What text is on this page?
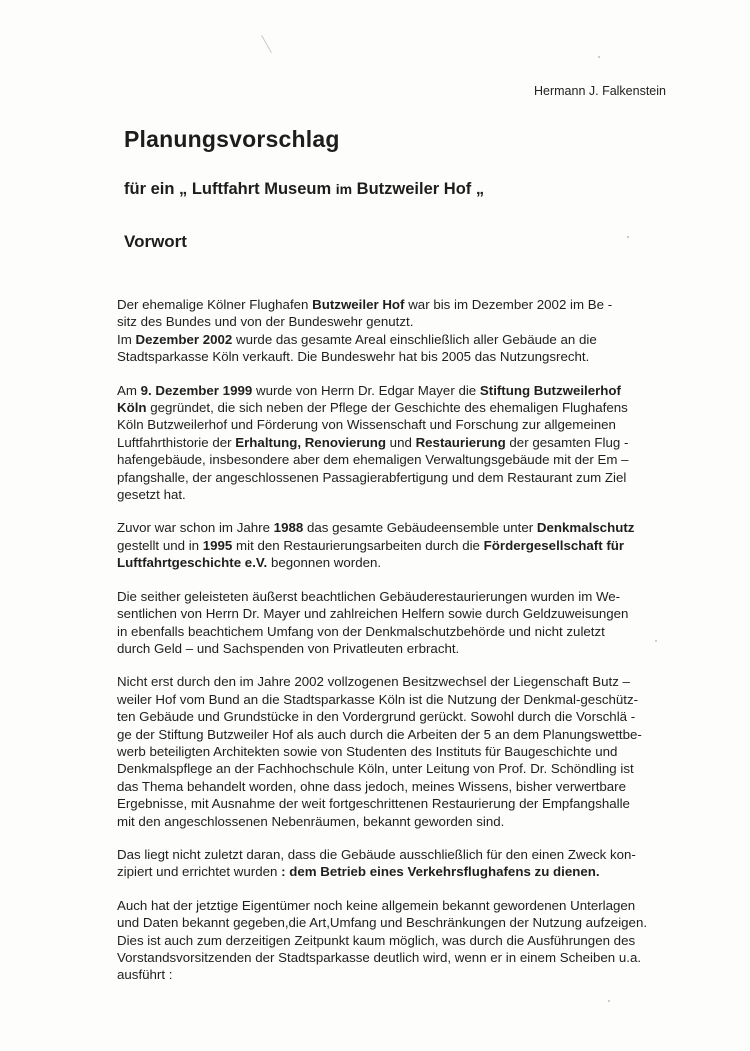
Hermann J. Falkenstein
Planungsvorschlag
für ein „ Luftfahrt Museum im Butzweiler Hof „
Vorwort

Der ehemalige Kölner Flughafen Butzweiler Hof war bis im Dezember 2002 im Be -
sitz des Bundes und von der Bundeswehr genutzt.
Im Dezember 2002 wurde das gesamte Areal einschließlich aller Gebäude an die
Stadtsparkasse Köln verkauft. Die Bundeswehr hat bis 2005 das Nutzungsrecht.

Am 9. Dezember 1999 wurde von Herrn Dr. Edgar Mayer die Stiftung Butzweilerhof
Köln gegründet, die sich neben der Pflege der Geschichte des ehemaligen Flughafens
Köln Butzweilerhof und Förderung von Wissenschaft und Forschung zur allgemeinen
Luftfahrthistorie der Erhaltung, Renovierung und Restaurierung der gesamten Flug -
hafengebäude, insbesondere aber dem ehemaligen Verwaltungsgebäude mit der Em –
pfangshalle, der angeschlossenen Passagierabfertigung und dem Restaurant zum Ziel
gesetzt hat.

Zuvor war schon im Jahre 1988 das gesamte Gebäudeensemble unter Denkmalschutz
gestellt und in 1995 mit den Restaurierungsarbeiten durch die Fördergesellschaft für
Luftfahrtgeschichte e.V. begonnen worden.

Die seither geleisteten äußerst beachtlichen Gebäuderestaurierungen wurden im We-
sentlichen von Herrn Dr. Mayer und zahlreichen Helfern sowie durch Geldzuweisungen
in ebenfalls beachtichem Umfang von der Denkmalschutzbehörde und nicht zuletzt
durch Geld – und Sachspenden von Privatleuten erbracht.

Nicht erst durch den im Jahre 2002 vollzogenen Besitzwechsel der Liegenschaft Butz –
weiler Hof vom Bund an die Stadtsparkasse Köln ist die Nutzung der Denkmal-geschütz-
ten Gebäude und Grundstücke in den Vordergrund gerückt. Sowohl durch die Vorschlä -
ge der Stiftung Butzweiler Hof als auch durch die Arbeiten der 5 an dem Planungswettbe-
werb beteiligten Architekten sowie von Studenten des Instituts für Baugeschichte und
Denkmalspflege an der Fachhochschule Köln, unter Leitung von Prof. Dr. Schöndling ist
das Thema behandelt worden, ohne dass jedoch, meines Wissens, bisher verwertbare
Ergebnisse, mit Ausnahme der weit fortgeschrittenen Restaurierung der Empfangshalle
mit den angeschlossenen Nebenräumen, bekannt geworden sind.

Das liegt nicht zuletzt daran, dass die Gebäude ausschließlich für den einen Zweck kon-
zipiert und errichtet wurden : dem Betrieb eines Verkehrsflughafens zu dienen.

Auch hat der jetztige Eigentümer noch keine allgemein bekannt gewordenen Unterlagen
und Daten bekannt gegeben,die Art,Umfang und Beschränkungen der Nutzung aufzeigen.
Dies ist auch zum derzeitigen Zeitpunkt kaum möglich, was durch die Ausführungen des
Vorstandsvorsitzenden der Stadtsparkasse deutlich wird, wenn er in einem Scheiben u.a.
ausführt :
